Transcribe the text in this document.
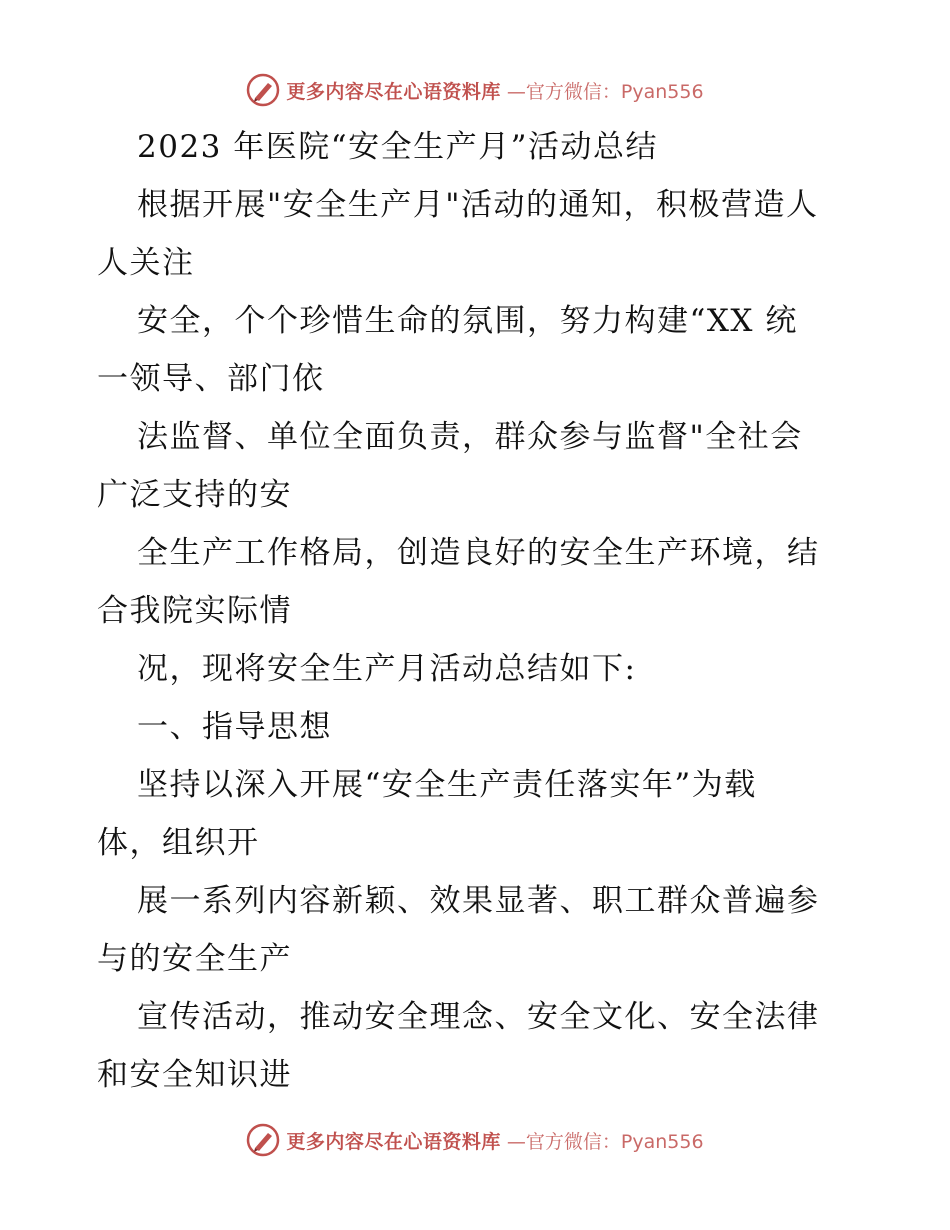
更多内容尽在心语资料库 —官方微信：Pyan556
2023 年医院“安全生产月”活动总结
根据开展"安全生产月"活动的通知，积极营造人
人关注
安全，个个珍惜生命的氛围，努力构建“XX 统
一领导、部门依
法监督、单位全面负责，群众参与监督"全社会
广泛支持的安
全生产工作格局，创造良好的安全生产环境，结
合我院实际情
况，现将安全生产月活动总结如下:
一、指导思想
坚持以深入开展“安全生产责任落实年”为载
体，组织开
展一系列内容新颖、效果显著、职工群众普遍参
与的安全生产
宣传活动，推动安全理念、安全文化、安全法律
和安全知识进
更多内容尽在心语资料库 —官方微信：Pyan556
